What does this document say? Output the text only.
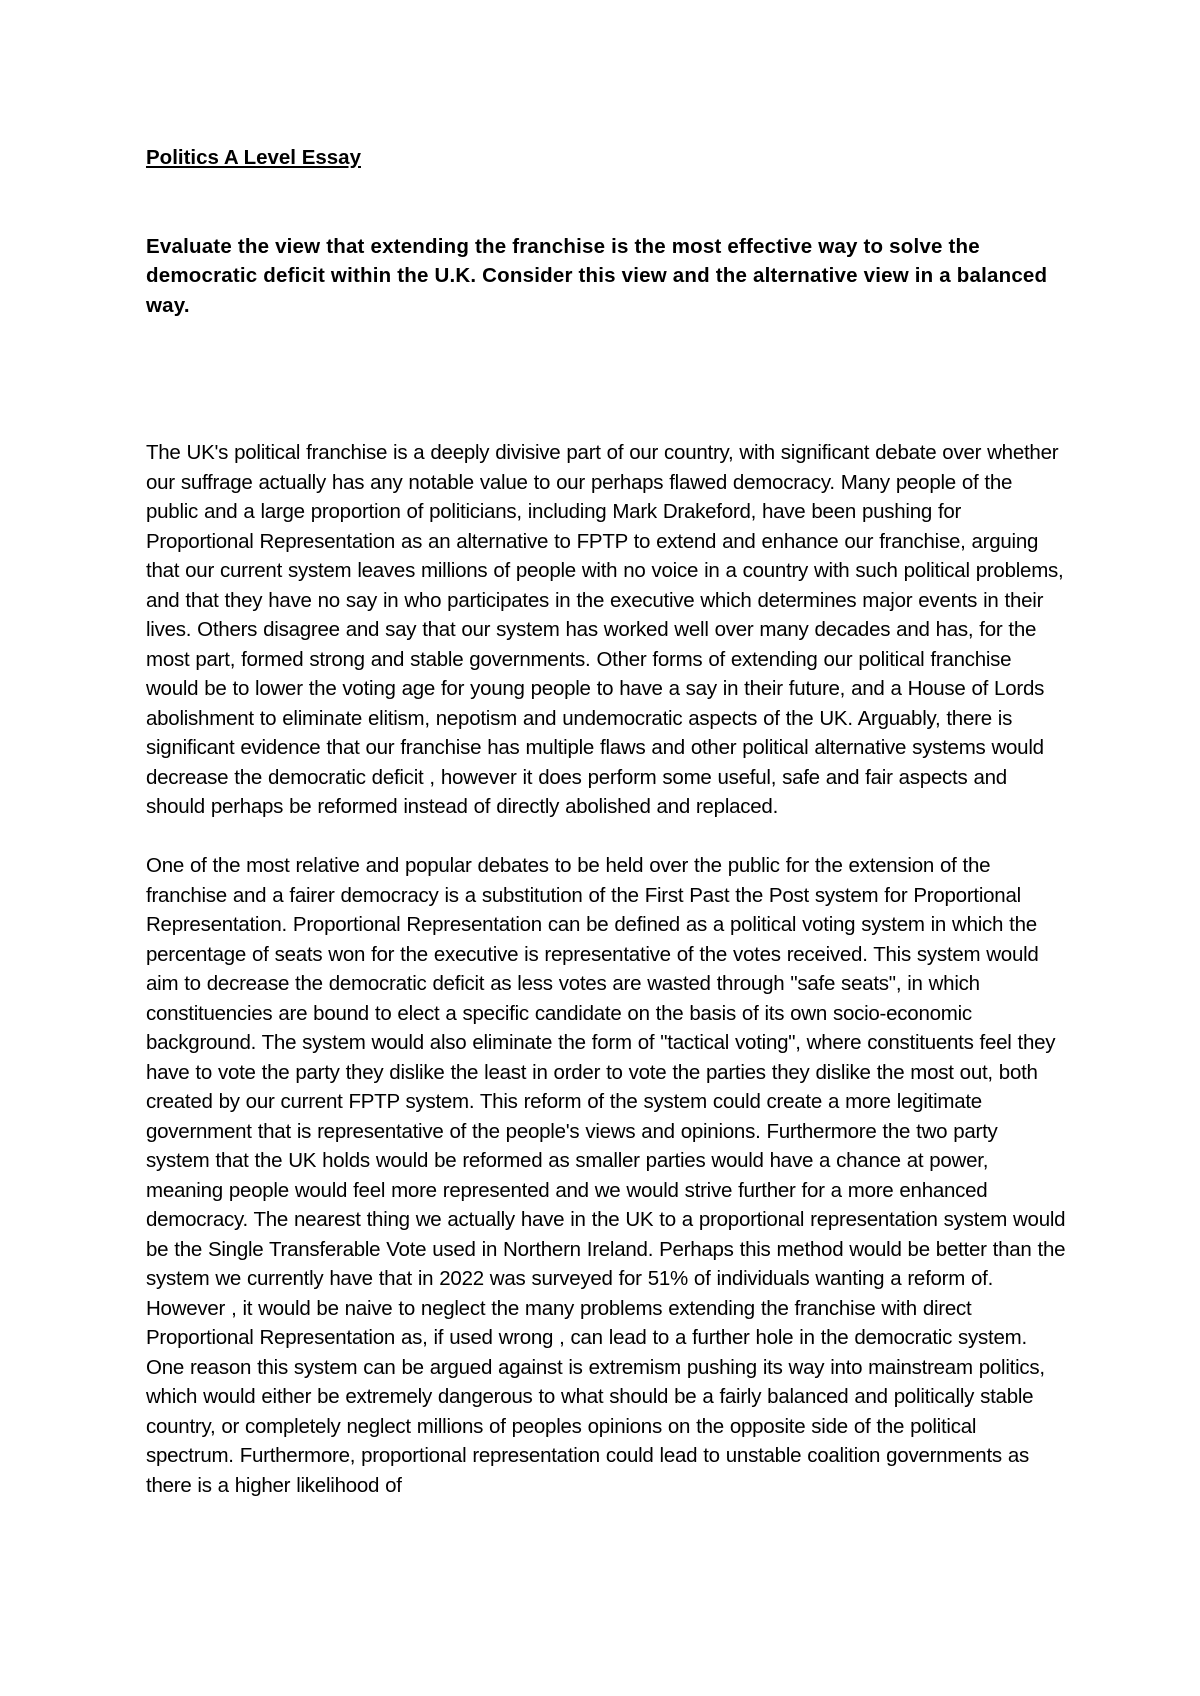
Politics A Level Essay

Evaluate the view that extending the franchise is the most effective way to solve the democratic deficit within the U.K. Consider this view and the alternative view in a balanced way.

The UK's political franchise is a deeply divisive part of our country, with significant debate over whether our suffrage actually has any notable value to our perhaps flawed democracy. Many people of the public and a large proportion of politicians, including Mark Drakeford, have been pushing for Proportional Representation as an alternative to FPTP to extend and enhance our franchise, arguing that our current system leaves millions of people with no voice in a country with such political problems, and that they have no say in who participates in the executive which determines major events in their lives. Others disagree and say that our system has worked well over many decades and has, for the most part, formed strong and stable governments. Other forms of extending our political franchise would be to lower the voting age for young people to have a say in their future, and a House of Lords abolishment to eliminate elitism, nepotism and undemocratic aspects of the UK. Arguably, there is significant evidence that our franchise has multiple flaws and other political alternative systems would decrease the democratic deficit , however it does perform some useful, safe and fair aspects and should perhaps be reformed instead of directly abolished and replaced.

One of the most relative and popular debates to be held over the public for the extension of the franchise and a fairer democracy is a substitution of the First Past the Post system for Proportional Representation. Proportional Representation can be defined as a political voting system in which the percentage of seats won for the executive is representative of the votes received. This system would aim to decrease the democratic deficit as less votes are wasted through "safe seats", in which constituencies are bound to elect a specific candidate on the basis of its own socio-economic background. The system would also eliminate the form of "tactical voting", where constituents feel they have to vote the party they dislike the least in order to vote the parties they dislike the most out, both created by our current FPTP system. This reform of the system could create a more legitimate government that is representative of the people's views and opinions. Furthermore the two party system that the UK holds would be reformed as smaller parties would have a chance at power, meaning people would feel more represented and we would strive further for a more enhanced democracy. The nearest thing we actually have in the UK to a proportional representation system would be the Single Transferable Vote used in Northern Ireland. Perhaps this method would be better than the system we currently have that in 2022 was surveyed for 51% of individuals wanting a reform of. However , it would be naive to neglect the many problems extending the franchise with direct Proportional Representation as, if used wrong , can lead to a further hole in the democratic system. One reason this system can be argued against is extremism pushing its way into mainstream politics, which would either be extremely dangerous to what should be a fairly balanced and politically stable country, or completely neglect millions of peoples opinions on the opposite side of the political spectrum. Furthermore, proportional representation could lead to unstable coalition governments as there is a higher likelihood of
